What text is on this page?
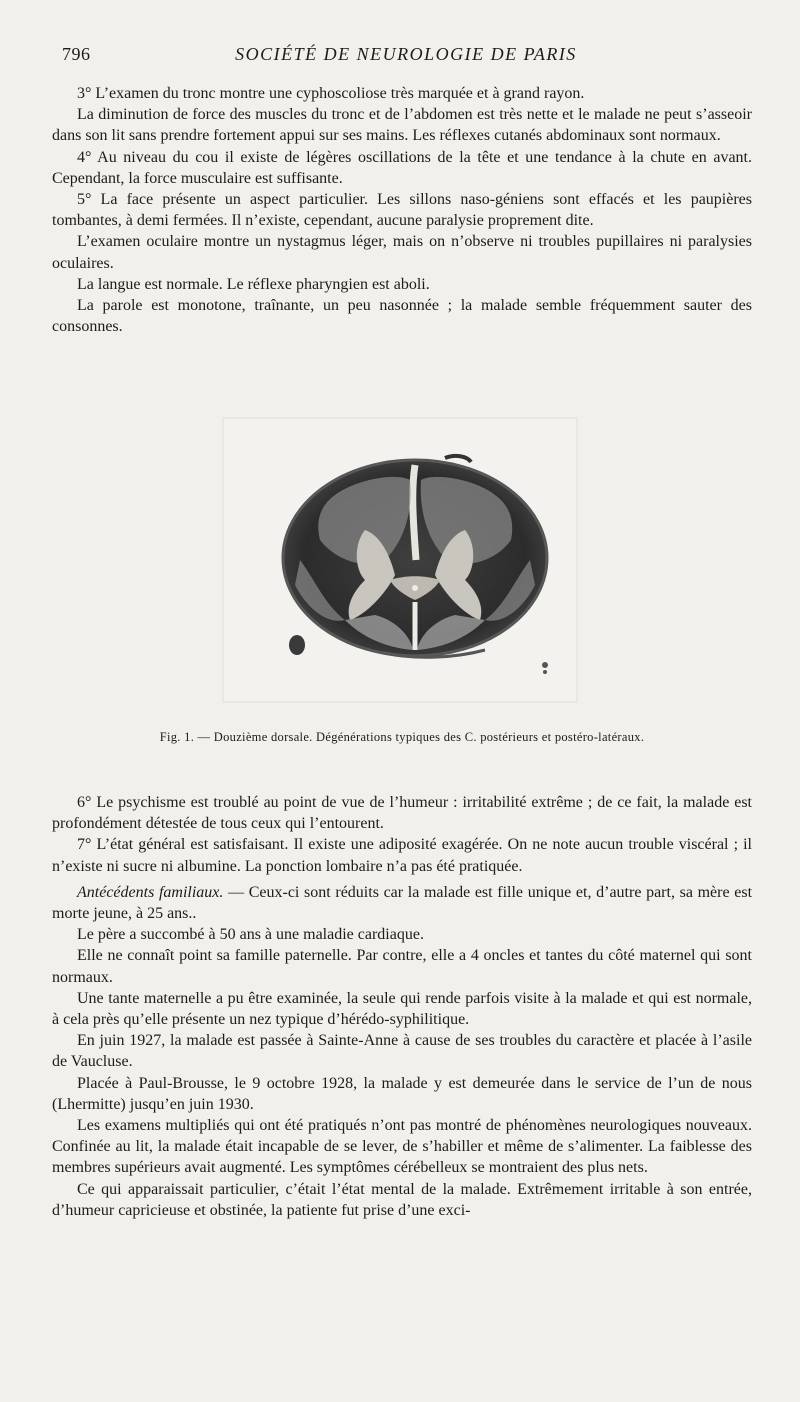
796	SOCIÉTÉ DE NEUROLOGIE DE PARIS

3° L’examen du tronc montre une cyphoscoliose très marquée et à grand rayon.

La diminution de force des muscles du tronc et de l’abdomen est très nette et le malade ne peut s’asseoir dans son lit sans prendre fortement appui sur ses mains. Les réflexes cutanés abdominaux sont normaux.

4° Au niveau du cou il existe de légères oscillations de la tête et une tendance à la chute en avant. Cependant, la force musculaire est suffisante.

5° La face présente un aspect particulier. Les sillons naso-géniens sont effacés et les paupières tombantes, à demi fermées. Il n’existe, cependant, aucune paralysie proprement dite.

L’examen oculaire montre un nystagmus léger, mais on n’observe ni troubles pupillaires ni paralysies oculaires.

La langue est normale. Le réflexe pharyngien est aboli.

La parole est monotone, traînante, un peu nasonnée ; la malade semble fréquemment sauter des consonnes.

Fig. 1. — Douzième dorsale. Dégénérations typiques des C. postérieurs et postéro-latéraux.

6° Le psychisme est troublé au point de vue de l’humeur : irritabilité extrême ; de ce fait, la malade est profondément détestée de tous ceux qui l’entourent.

7° L’état général est satisfaisant. Il existe une adiposité exagérée. On ne note aucun trouble viscéral ; il n’existe ni sucre ni albumine. La ponction lombaire n’a pas été pratiquée.

Antécédents familiaux. — Ceux-ci sont réduits car la malade est fille unique et, d’autre part, sa mère est morte jeune, à 25 ans..

Le père a succombé à 50 ans à une maladie cardiaque.

Elle ne connaît point sa famille paternelle. Par contre, elle a 4 oncles et tantes du côté maternel qui sont normaux.

Une tante maternelle a pu être examinée, la seule qui rende parfois visite à la malade et qui est normale, à cela près qu’elle présente un nez typique d’hérédo-syphilitique.

En juin 1927, la malade est passée à Sainte-Anne à cause de ses troubles du caractère et placée à l’asile de Vaucluse.

Placée à Paul-Brousse, le 9 octobre 1928, la malade y est demeurée dans le service de l’un de nous (Lhermitte) jusqu’en juin 1930.

Les examens multipliés qui ont été pratiqués n’ont pas montré de phénomènes neurologiques nouveaux. Confinée au lit, la malade était incapable de se lever, de s’habiller et même de s’alimenter. La faiblesse des membres supérieurs avait augmenté. Les symptômes cérébelleux se montraient des plus nets.

Ce qui apparaissait particulier, c’était l’état mental de la malade. Extrêmement irritable à son entrée, d’humeur capricieuse et obstinée, la patiente fut prise d’une exci-
